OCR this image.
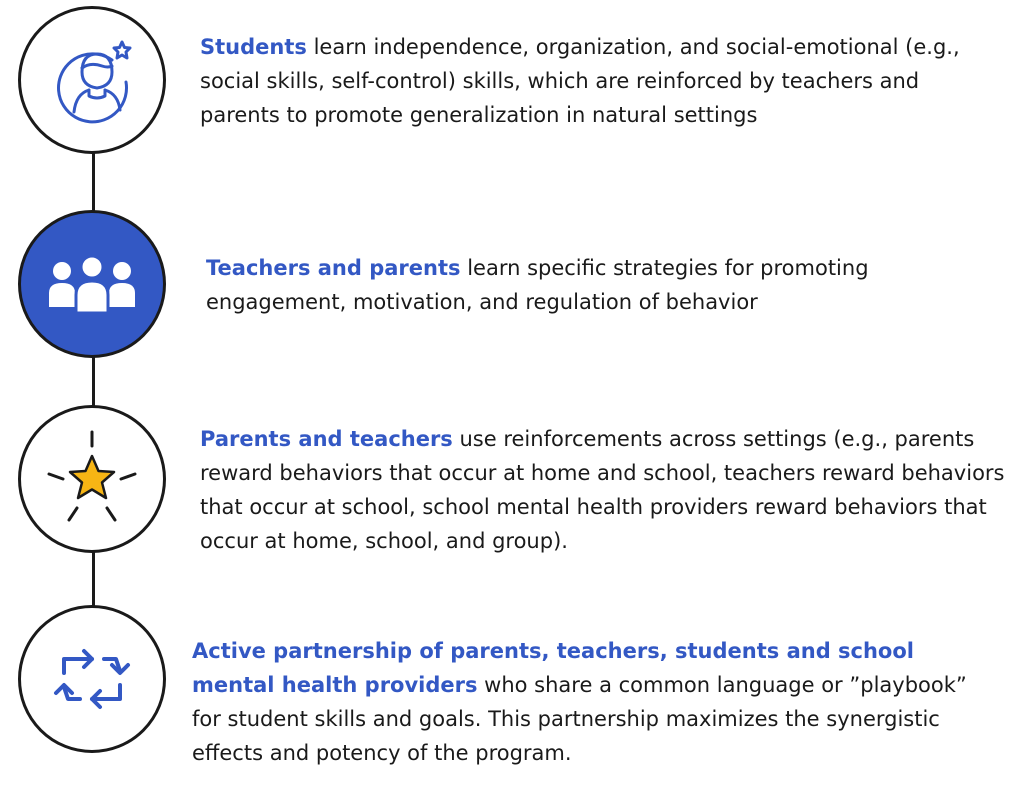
Students learn independence, organization, and social-emotional (e.g., social skills, self-control) skills, which are reinforced by teachers and parents to promote generalization in natural settings

Teachers and parents learn specific strategies for promoting engagement, motivation, and regulation of behavior

Parents and teachers use reinforcements across settings (e.g., parents reward behaviors that occur at home and school, teachers reward behaviors that occur at school, school mental health providers reward behaviors that occur at home, school, and group).

Active partnership of parents, teachers, students and school mental health providers who share a common language or ”playbook” for student skills and goals. This partnership maximizes the synergistic effects and potency of the program.
